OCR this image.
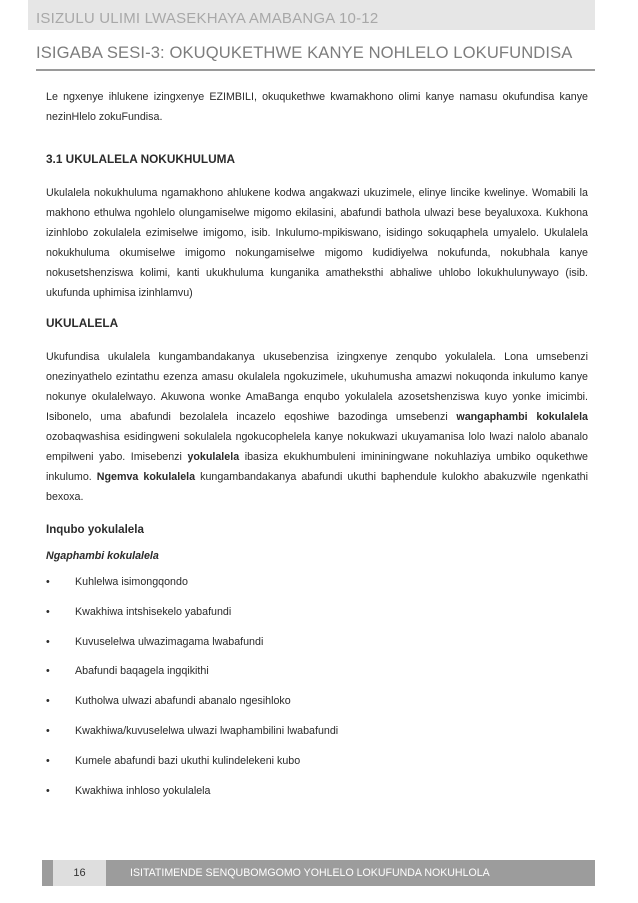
ISIZULU ULIMI LWASEKHAYA AMABANGA 10-12
ISIGABA SESI-3: OKUQUKETHWE KANYE NOHLELO LOKUFUNDISA

Le ngxenye ihlukene izingxenye EZIMBILI, okuqukethwe kwamakhono olimi kanye namasu okufundisa kanye nezinHlelo zokuFundisa.

3.1 UKULALELA NOKUKHULUMA

Ukulalela nokukhuluma ngamakhono ahlukene kodwa angakwazi ukuzimele, elinye lincike kwelinye. Womabili la makhono ethulwa ngohlelo olungamiselwe migomo ekilasini, abafundi bathola ulwazi bese beyaluxoxa. Kukhona izinhlobo zokulalela ezimiselwe imigomo, isib. Inkulumo-mpikiswano, isidingo sokuqaphela umyalelo. Ukulalela nokukhuluma okumiselwe imigomo nokungamiselwe migomo kudidiyelwa nokufunda, nokubhala kanye nokusetshenziswa kolimi, kanti ukukhuluma kunganika amatheksthi abhaliwe uhlobo lokukhulunywayo (isib. ukufunda uphimisa izinhlamvu)

UKULALELA

Ukufundisa ukulalela kungambandakanya ukusebenzisa izingxenye zenqubo yokulalela. Lona umsebenzi onezinyathelo ezintathu ezenza amasu okulalela ngokuzimele, ukuhumusha amazwi nokuqonda inkulumo kanye nokunye okulalelwayo. Akuwona wonke AmaBanga enqubo yokulalela azosetshenziswa kuyo yonke imicimbi. Isibonelo, uma abafundi bezolalela incazelo eqoshiwe bazodinga umsebenzi wangaphambi kokulalela ozobaqwashisa esidingweni sokulalela ngokucophelela kanye nokukwazi ukuyamanisa lolo lwazi nalolo abanalo empilweni yabo. Imisebenzi yokulalela ibasiza ekukhumbuleni imininingwane nokuhlaziya umbiko oqukethwe inkulumo. Ngemva kokulalela kungambandakanya abafundi ukuthi baphendule kulokho abakuzwile ngenkathi bexoxa.

Inqubo yokulalela
Ngaphambi kokulalela
• Kuhlelwa isimongqondo
• Kwakhiwa intshisekelo yabafundi
• Kuvuselelwa ulwazimagama lwabafundi
• Abafundi baqagela ingqikithi
• Kutholwa ulwazi abafundi abanalo ngesihloko
• Kwakhiwa/kuvuselelwa ulwazi lwaphambilini lwabafundi
• Kumele abafundi bazi ukuthi kulindelekeni kubo
• Kwakhiwa inhloso yokulalela
16	ISITATIMENDE SENQUBOMGOMO YOHLELO LOKUFUNDA NOKUHLOLA
